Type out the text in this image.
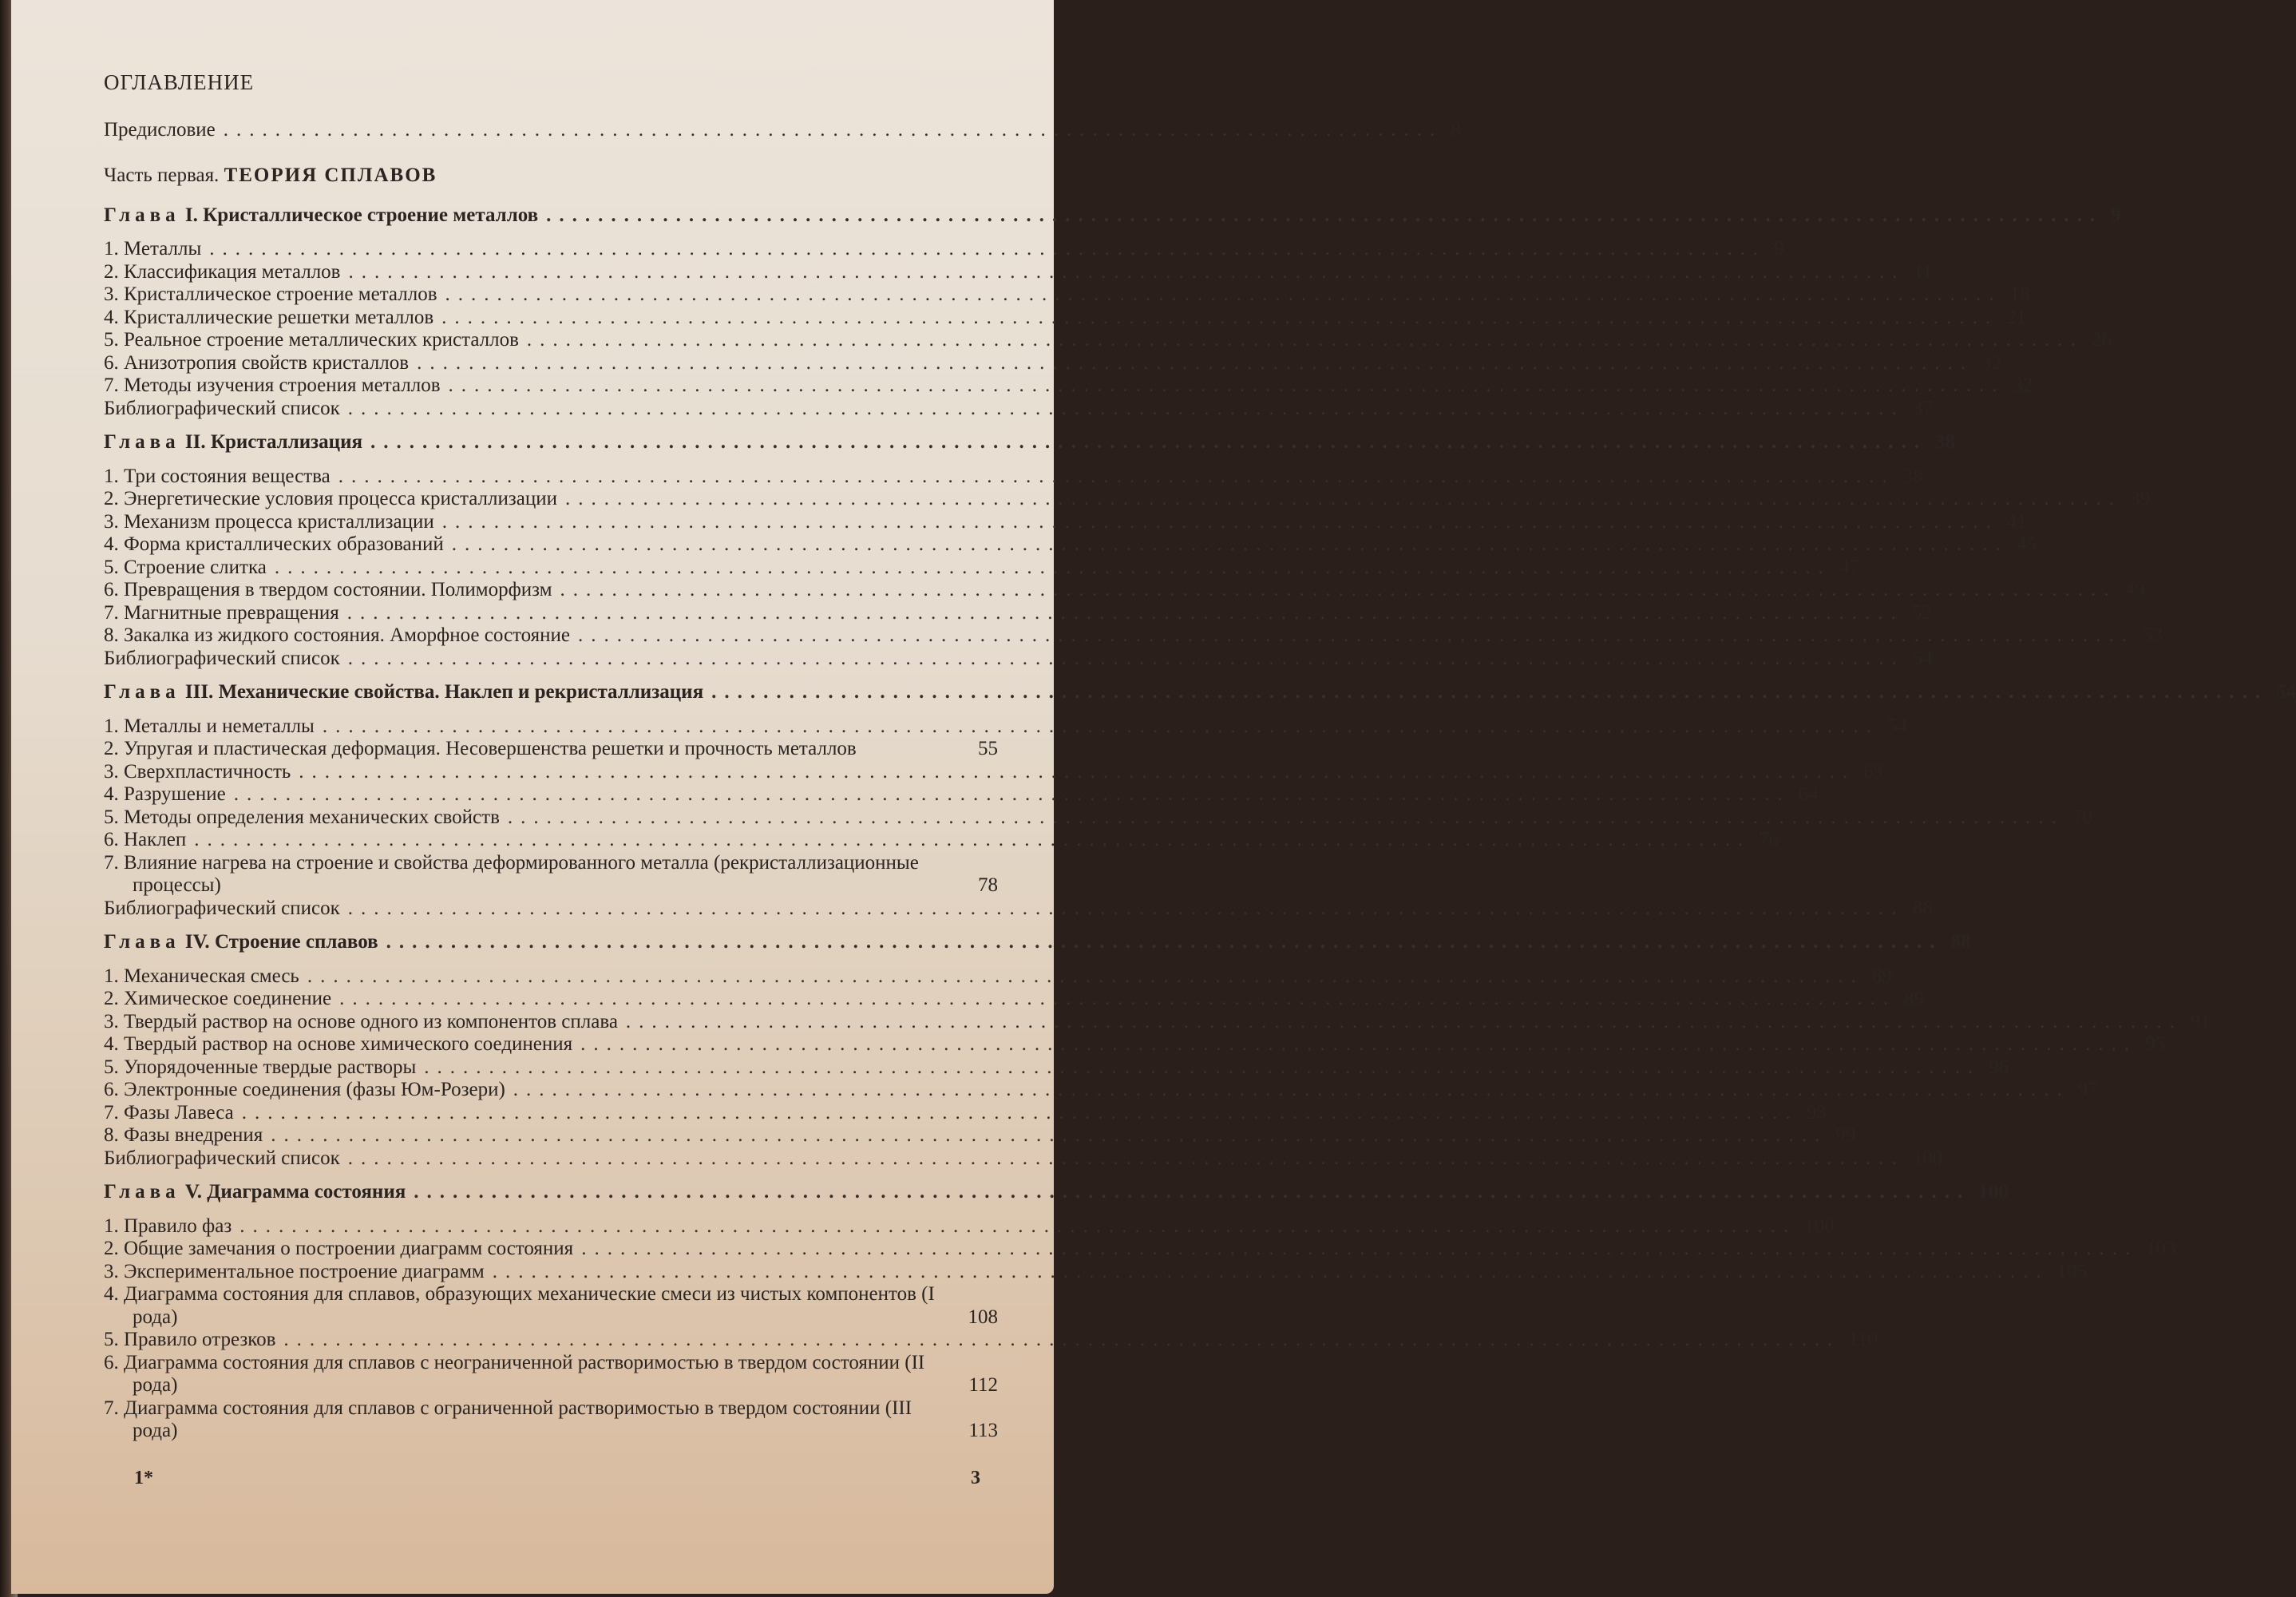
ОГЛАВЛЕНИЕ
Предисловие .............................................................................................. 8
Часть первая. ТЕОРИЯ СПЛАВОВ
Глава I. Кристаллическое строение металлов ........................................................................................................................ 9
1. Металлы ........................................................................................................................ 9
2. Классификация металлов ........................................................................................................................ 11
3. Кристаллическое строение металлов ........................................................................................................................ 18
4. Кристаллические решетки металлов ........................................................................................................................ 21
5. Реальное строение металлических кристаллов ........................................................................................................................ 26
6. Анизотропия свойств кристаллов ........................................................................................................................ 32
7. Методы изучения строения металлов ........................................................................................................................ 32
Библиографический список ........................................................................................................................ 37
Глава II. Кристаллизация ........................................................................................................................ 38
1. Три состояния вещества ........................................................................................................................ 38
2. Энергетические условия процесса кристаллизации ........................................................................................................................ 39
3. Механизм процесса кристаллизации ........................................................................................................................ 41
4. Форма кристаллических образований ........................................................................................................................ 45
5. Строение слитка ........................................................................................................................ 47
6. Превращения в твердом состоянии. Полиморфизм ........................................................................................................................ 49
7. Магнитные превращения ........................................................................................................................ 52
8. Закалка из жидкого состояния. Аморфное состояние ........................................................................................................................ 53
Библиографический список ........................................................................................................................ 54
Глава III. Механические свойства. Наклеп и рекристаллизация ........................................................................................................................ 54
1. Металлы и неметаллы ........................................................................................................................ 54
2. Упругая и пластическая деформация. Несовершенства решетки и прочность металлов	55
3. Сверхпластичность ........................................................................................................................ 63
4. Разрушение ........................................................................................................................ 64
5. Методы определения механических свойств ........................................................................................................................ 70
6. Наклеп ........................................................................................................................ 76
7. Влияние нагрева на строение и свойства деформированного металла (рекристаллизационные процессы)	78
Библиографический список ........................................................................................................................ 88
Глава IV. Строение сплавов ........................................................................................................................ 88
1. Механическая смесь ........................................................................................................................ 89
2. Химическое соединение ........................................................................................................................ 89
3. Твердый раствор на основе одного из компонентов сплава ........................................................................................................................ 91
4. Твердый раствор на основе химического соединения ........................................................................................................................ 95
5. Упорядоченные твердые растворы ........................................................................................................................ 96
6. Электронные соединения (фазы Юм-Розери) ........................................................................................................................ 97
7. Фазы Лавеса ........................................................................................................................ 98
8. Фазы внедрения ........................................................................................................................ 99
Библиографический список ........................................................................................................................ 100
Глава V. Диаграмма состояния ........................................................................................................................ 100
1. Правило фаз ........................................................................................................................ 100
2. Общие замечания о построении диаграмм состояния ........................................................................................................................ 103
3. Экспериментальное построение диаграмм ........................................................................................................................ 105
4. Диаграмма состояния для сплавов, образующих механические смеси из чистых компонентов (I рода)	108
5. Правило отрезков ........................................................................................................................ 110
6. Диаграмма состояния для сплавов с неограниченной растворимостью в твердом состоянии (II рода)	112
7. Диаграмма состояния для сплавов с ограниченной растворимостью в твердом состоянии (III рода)	113
1*	3
